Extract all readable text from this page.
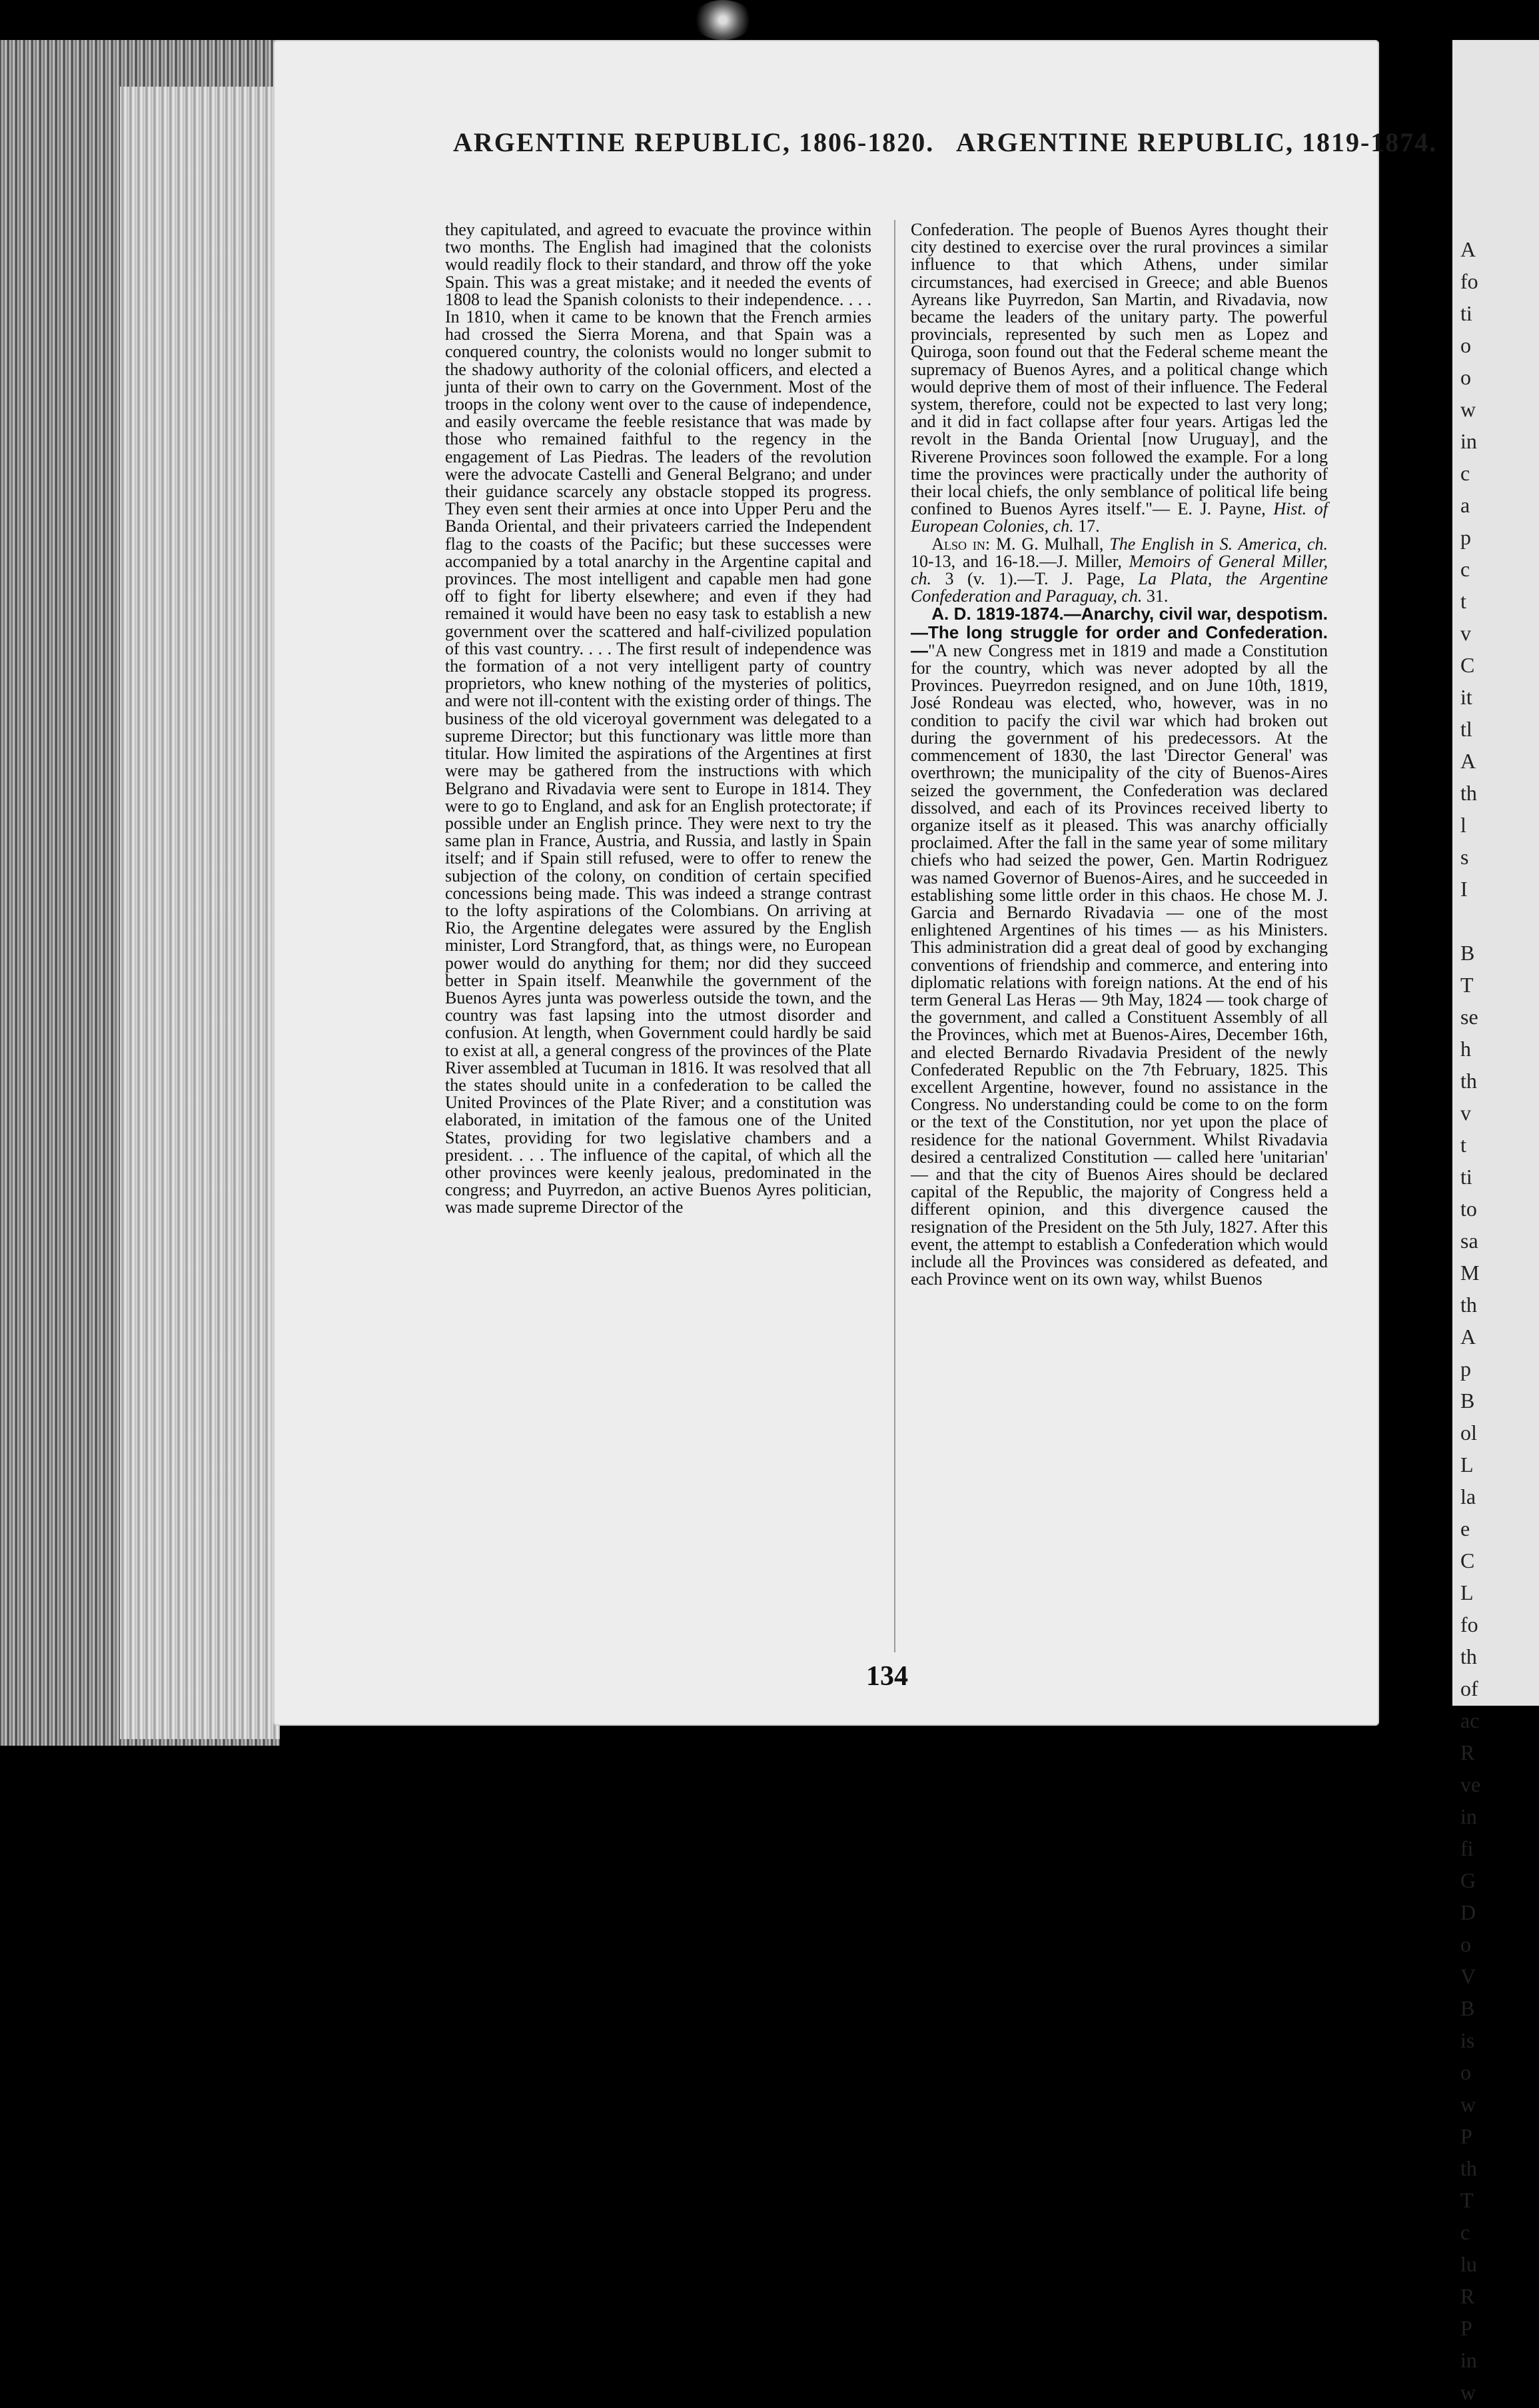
A
fo
ti
o
o
w
in
c
a
p
c
t
v
C
it
tl
A
th
l
s
I
B
T
se
h
th
v
t
ti
to
sa
M
th
A
p
B
ol
L
la
e
C
L
fo
th
of
ac
R
ve
in
fi
G
D
o
V
B
is
o
w
P
th
T
c
lu
R
P
in
w
ARGENTINE REPUBLIC, 1806-1820. ARGENTINE REPUBLIC, 1819-1874.

they capitulated, and agreed to evacuate the province within two months. The English had imagined that the colonists would readily flock to their standard, and throw off the yoke Spain. This was a great mistake; and it needed the events of 1808 to lead the Spanish colonists to their independence. . . . In 1810, when it came to be known that the French armies had crossed the Sierra Morena, and that Spain was a conquered country, the colonists would no longer submit to the shadowy authority of the colonial officers, and elected a junta of their own to carry on the Government. Most of the troops in the colony went over to the cause of independence, and easily overcame the feeble resistance that was made by those who remained faithful to the regency in the engagement of Las Piedras. The leaders of the revolution were the advocate Castelli and General Belgrano; and under their guidance scarcely any obstacle stopped its progress. They even sent their armies at once into Upper Peru and the Banda Oriental, and their privateers carried the Independent flag to the coasts of the Pacific; but these successes were accompanied by a total anarchy in the Argentine capital and provinces. The most intelligent and capable men had gone off to fight for liberty elsewhere; and even if they had remained it would have been no easy task to establish a new government over the scattered and half-civilized population of this vast country. . . . The first result of independence was the formation of a not very intelligent party of country proprietors, who knew nothing of the mysteries of politics, and were not ill-content with the existing order of things. The business of the old viceroyal government was delegated to a supreme Director; but this functionary was little more than titular. How limited the aspirations of the Argentines at first were may be gathered from the instructions with which Belgrano and Rivadavia were sent to Europe in 1814. They were to go to England, and ask for an English protectorate; if possible under an English prince. They were next to try the same plan in France, Austria, and Russia, and lastly in Spain itself; and if Spain still refused, were to offer to renew the subjection of the colony, on condition of certain specified concessions being made. This was indeed a strange contrast to the lofty aspirations of the Colombians. On arriving at Rio, the Argentine delegates were assured by the English minister, Lord Strangford, that, as things were, no European power would do anything for them; nor did they succeed better in Spain itself. Meanwhile the government of the Buenos Ayres junta was powerless outside the town, and the country was fast lapsing into the utmost disorder and confusion. At length, when Government could hardly be said to exist at all, a general congress of the provinces of the Plate River assembled at Tucuman in 1816. It was resolved that all the states should unite in a confederation to be called the United Provinces of the Plate River; and a constitution was elaborated, in imitation of the famous one of the United States, providing for two legislative chambers and a president. . . . The influence of the capital, of which all the other provinces were keenly jealous, predominated in the congress; and Puyrredon, an active Buenos Ayres politician, was made supreme Director of the

Confederation. The people of Buenos Ayres thought their city destined to exercise over the rural provinces a similar influence to that which Athens, under similar circumstances, had exercised in Greece; and able Buenos Ayreans like Puyrredon, San Martin, and Rivadavia, now became the leaders of the unitary party. The powerful provincials, represented by such men as Lopez and Quiroga, soon found out that the Federal scheme meant the supremacy of Buenos Ayres, and a political change which would deprive them of most of their influence. The Federal system, therefore, could not be expected to last very long; and it did in fact collapse after four years. Artigas led the revolt in the Banda Oriental [now Uruguay], and the Riverene Provinces soon followed the example. For a long time the provinces were practically under the authority of their local chiefs, the only semblance of political life being confined to Buenos Ayres itself."— E. J. Payne, Hist. of European Colonies, ch. 17.

Also in: M. G. Mulhall, The English in S. America, ch. 10-13, and 16-18.—J. Miller, Memoirs of General Miller, ch. 3 (v. 1).—T. J. Page, La Plata, the Argentine Confederation and Paraguay, ch. 31.

A. D. 1819-1874.—Anarchy, civil war, despotism.—The long struggle for order and Confederation.—"A new Congress met in 1819 and made a Constitution for the country, which was never adopted by all the Provinces. Pueyrredon resigned, and on June 10th, 1819, José Rondeau was elected, who, however, was in no condition to pacify the civil war which had broken out during the government of his predecessors. At the commencement of 1830, the last 'Director General' was overthrown; the municipality of the city of Buenos-Aires seized the government, the Confederation was declared dissolved, and each of its Provinces received liberty to organize itself as it pleased. This was anarchy officially proclaimed. After the fall in the same year of some military chiefs who had seized the power, Gen. Martin Rodriguez was named Governor of Buenos-Aires, and he succeeded in establishing some little order in this chaos. He chose M. J. Garcia and Bernardo Rivadavia — one of the most enlightened Argentines of his times — as his Ministers. This administration did a great deal of good by exchanging conventions of friendship and commerce, and entering into diplomatic relations with foreign nations. At the end of his term General Las Heras — 9th May, 1824 — took charge of the government, and called a Constituent Assembly of all the Provinces, which met at Buenos-Aires, December 16th, and elected Bernardo Rivadavia President of the newly Confederated Republic on the 7th February, 1825. This excellent Argentine, however, found no assistance in the Congress. No understanding could be come to on the form or the text of the Constitution, nor yet upon the place of residence for the national Government. Whilst Rivadavia desired a centralized Constitution — called here 'unitarian' — and that the city of Buenos Aires should be declared capital of the Republic, the majority of Congress held a different opinion, and this divergence caused the resignation of the President on the 5th July, 1827. After this event, the attempt to establish a Confederation which would include all the Provinces was considered as defeated, and each Province went on its own way, whilst Buenos

134
